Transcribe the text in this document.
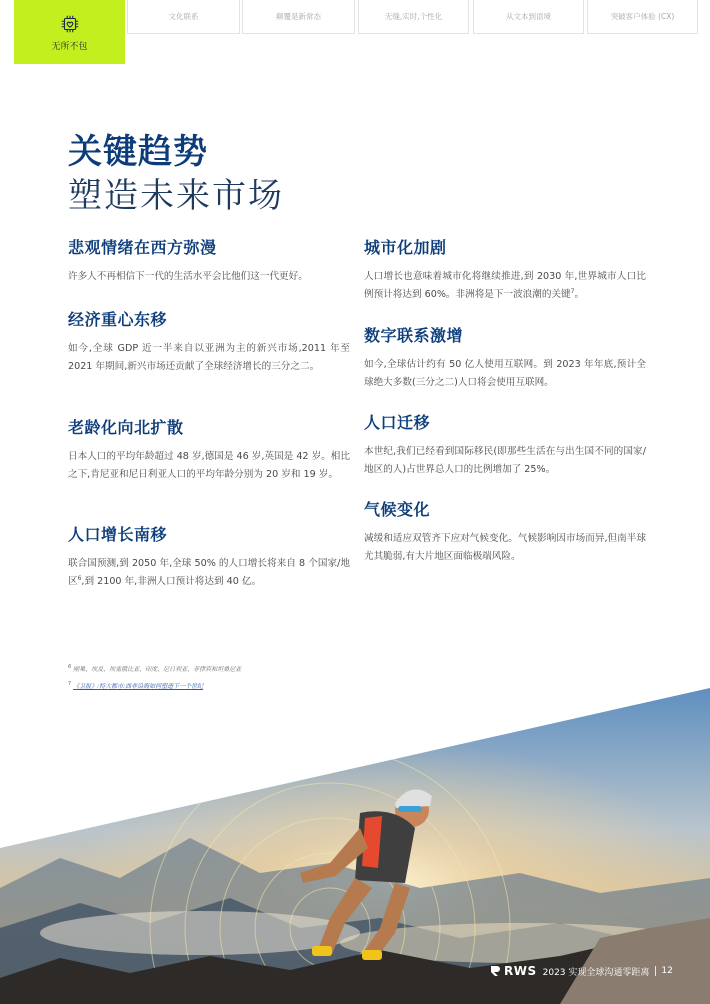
无所不包
文化联系	颠覆是新常态	无缝,实时,个性化	从文本到语境	突破客户体验 (CX)
关键趋势
塑造未来市场
悲观情绪在西方弥漫

许多人不再相信下一代的生活水平会比他们这一代更好。

经济重心东移

如今,全球 GDP 近一半来自以亚洲为主的新兴市场,2011 年至 2021 年期间,新兴市场还贡献了全球经济增长的三分之二。

老龄化向北扩散

日本人口的平均年龄超过 48 岁,德国是 46 岁,英国是 42 岁。相比之下,肯尼亚和尼日利亚人口的平均年龄分别为 20 岁和 19 岁。

人口增长南移

联合国预测,到 2050 年,全球 50% 的人口增长将来自 8 个国家/地区$^6$,到 2100 年,非洲人口预计将达到 40 亿。

城市化加剧

人口增长也意味着城市化将继续推进,到 2030 年,世界城市人口比例预计将达到 60%。非洲将是下一波浪潮的关键$^7$。

数字联系激增

如今,全球估计约有 50 亿人使用互联网。到 2023 年年底,预计全球绝大多数(三分之二)人口将会使用互联网。

人口迁移

本世纪,我们已经看到国际移民(即那些生活在与出生国不同的国家/地区的人)占世界总人口的比例增加了 25%。

气候变化

减缓和适应双管齐下应对气候变化。气候影响因市场而异,但南半球尤其脆弱,有大片地区面临极端风险。

$^6$ 刚果、埃及、埃塞俄比亚、印度、尼日利亚、菲律宾和坦桑尼亚
$^7$ 《卫报》:特大都市:西非沿海如何塑造下一个世纪
RWS 2023 实现全球沟通零距离	12
